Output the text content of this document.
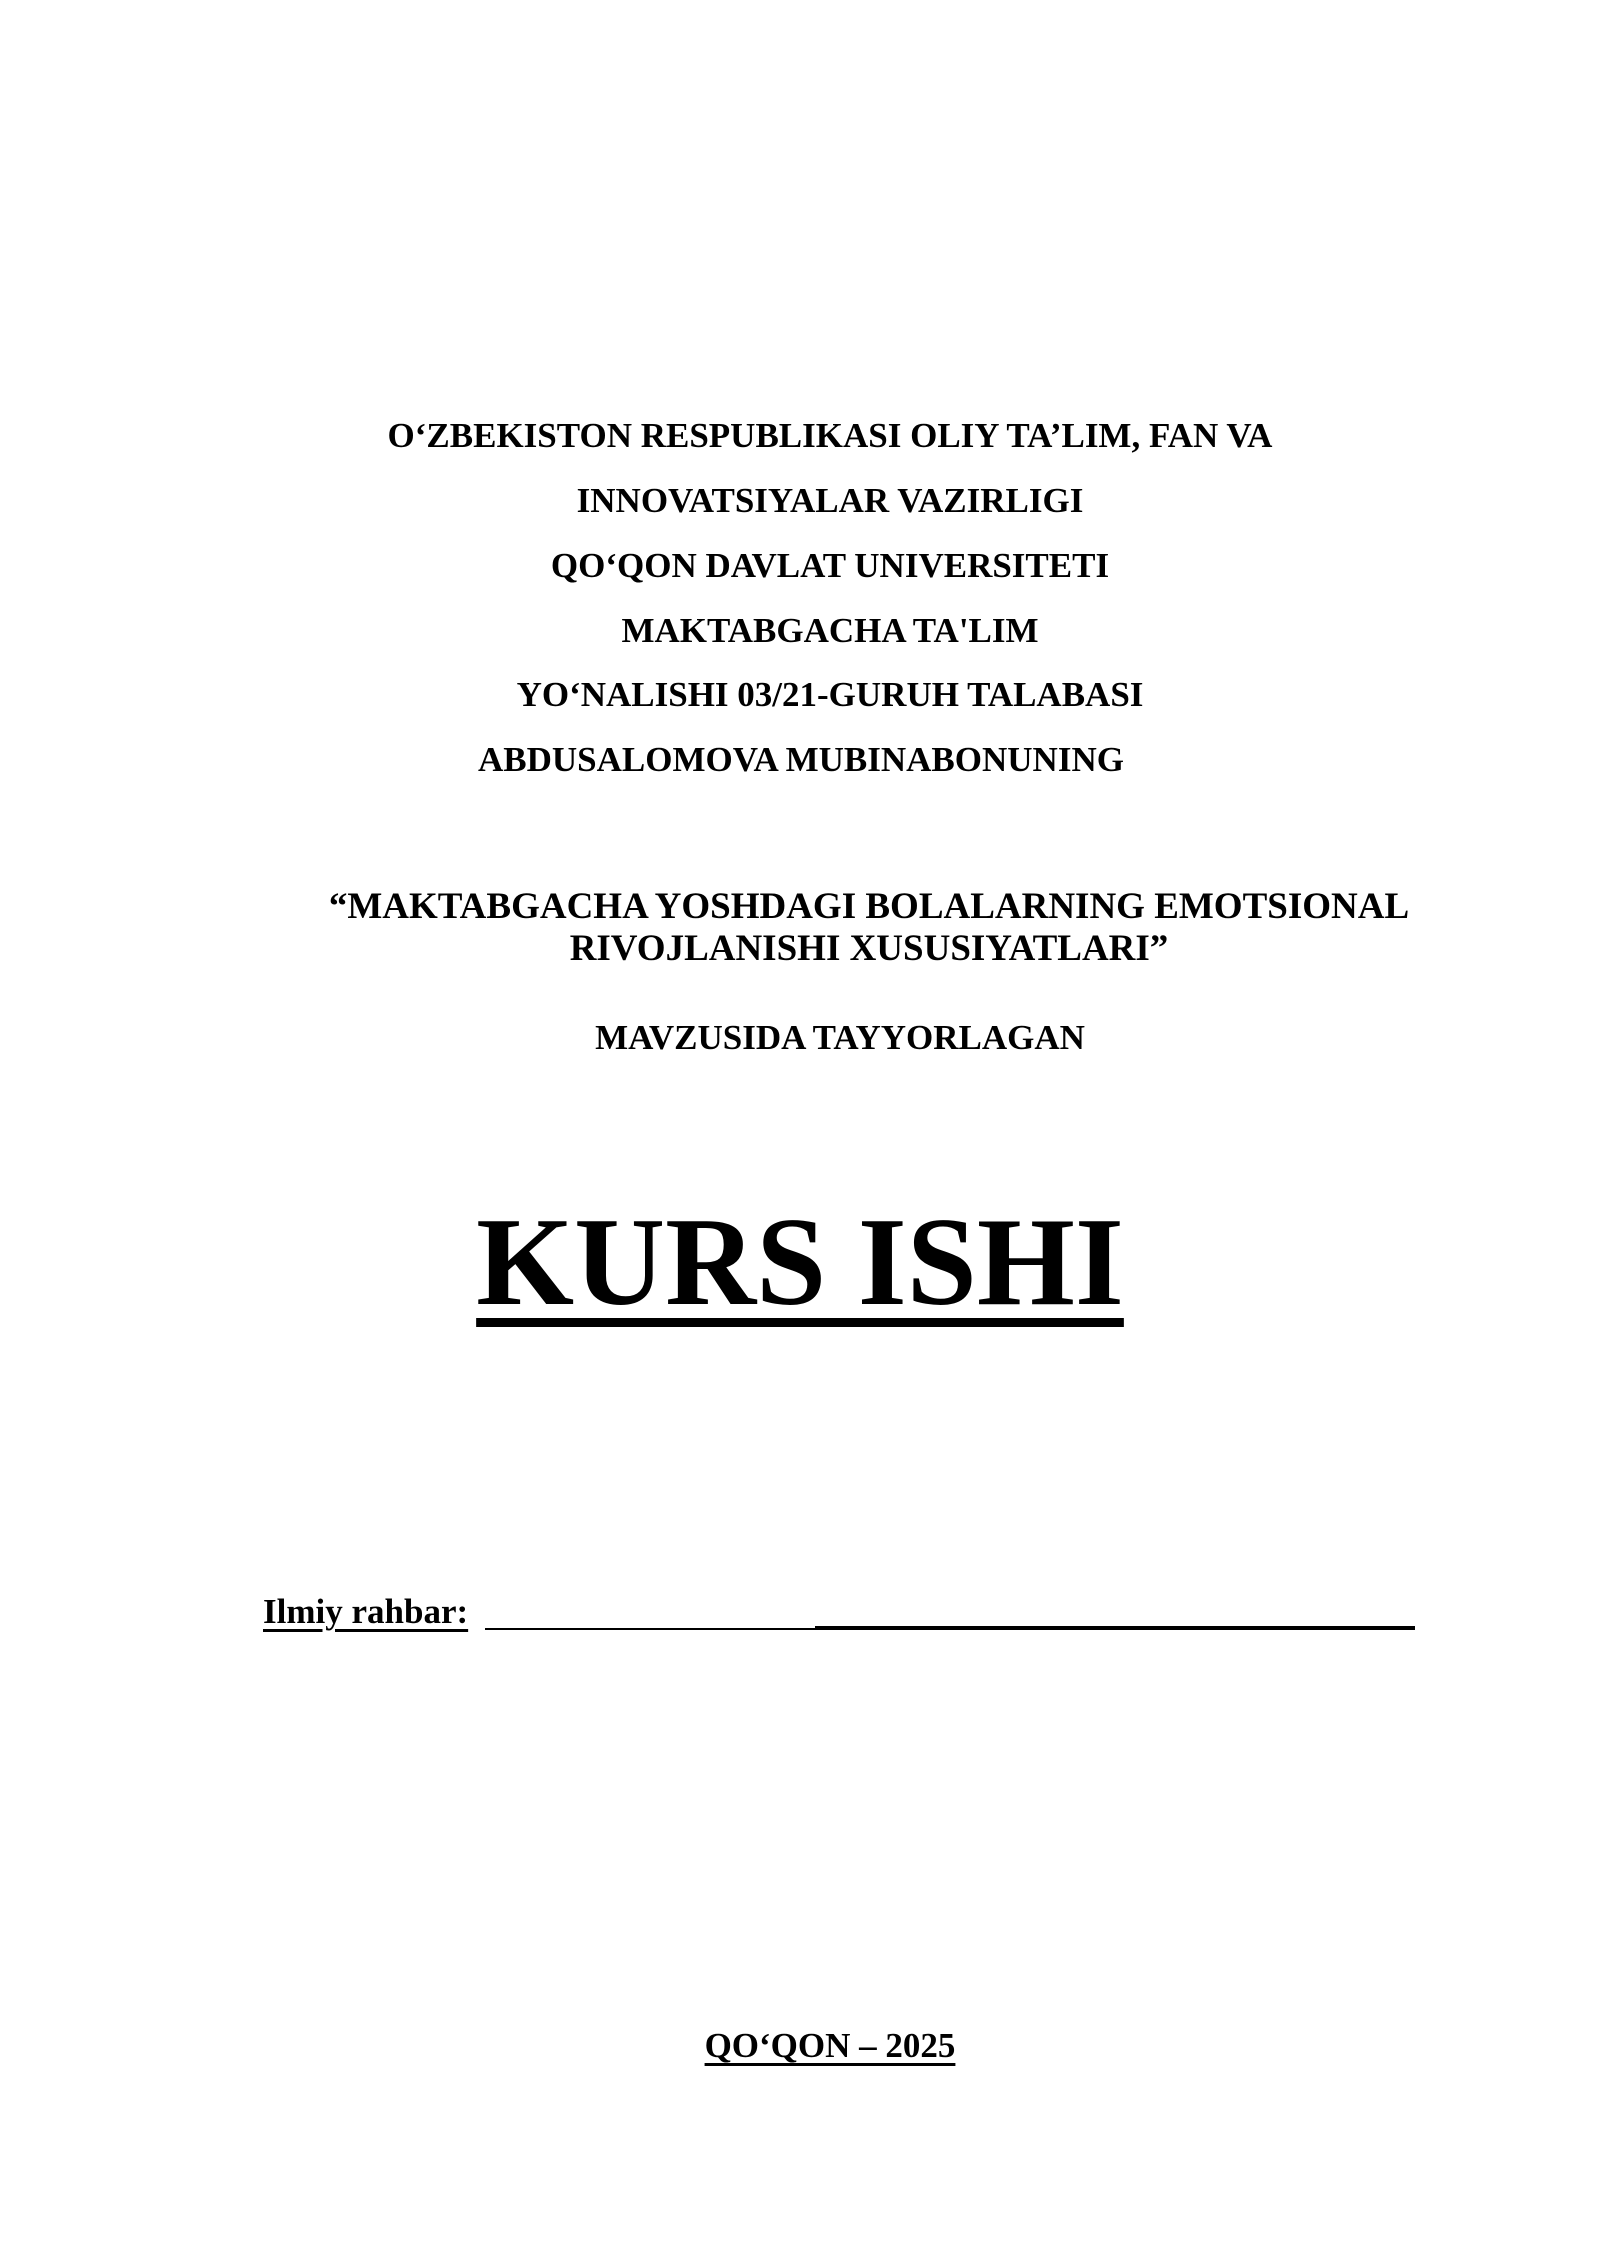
O‘ZBEKISTON RESPUBLIKASI OLIY TA’LIM, FAN VA
INNOVATSIYALAR VAZIRLIGI
QO‘QON DAVLAT UNIVERSITETI
MAKTABGACHA TA'LIM
YO‘NALISHI 03/21-GURUH TALABASI
ABDUSALOMOVA MUBINABONUNING
“MAKTABGACHA YOSHDAGI BOLALARNING EMOTSIONAL
RIVOJLANISHI XUSUSIYATLARI”
MAVZUSIDA TAYYORLAGAN
KURS ISHI
Ilmiy rahbar:
QO‘QON – 2025
